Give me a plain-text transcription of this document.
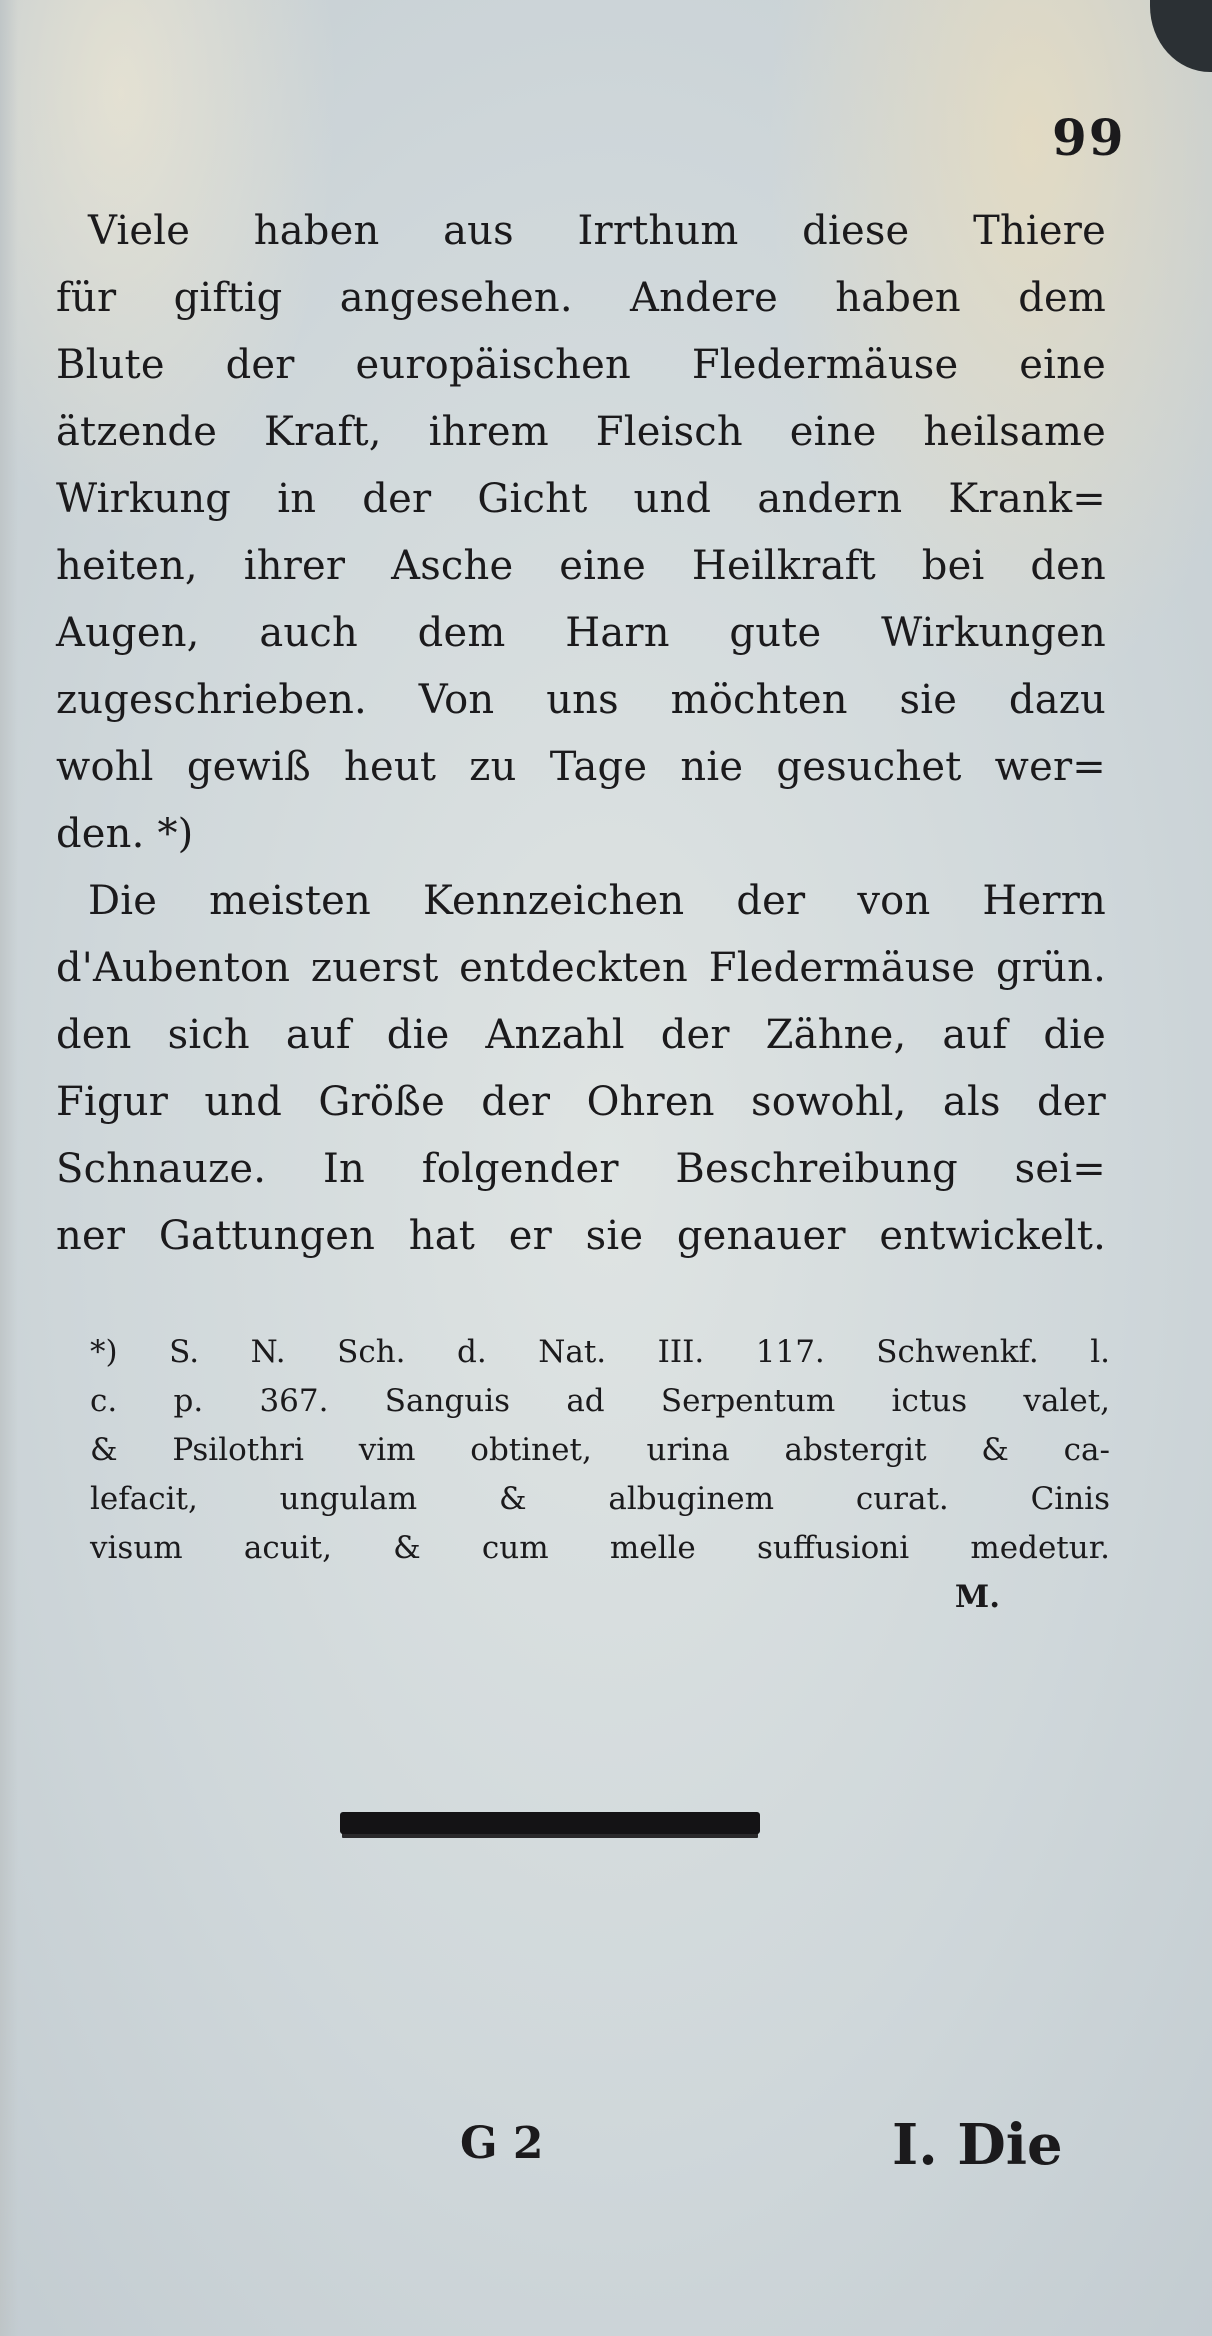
99
Viele haben aus Irrthum diese Thiere
für giftig angesehen. Andere haben dem
Blute der europäischen Fledermäuse eine
ätzende Kraft, ihrem Fleisch eine heilsame
Wirkung in der Gicht und andern Krank=
heiten, ihrer Asche eine Heilkraft bei den
Augen, auch dem Harn gute Wirkungen
zugeschrieben. Von uns möchten sie dazu
wohl gewiß heut zu Tage nie gesuchet wer=
den. *)
Die meisten Kennzeichen der von Herrn
d'Aubenton zuerst entdeckten Fledermäuse grün.
den sich auf die Anzahl der Zähne, auf die
Figur und Größe der Ohren sowohl, als der
Schnauze. In folgender Beschreibung sei=
ner Gattungen hat er sie genauer entwickelt.
*) S. N. Sch. d. Nat. III. 117. Schwenkf. l.
c. p. 367. Sanguis ad Serpentum ictus valet,
& Psilothri vim obtinet, urina abstergit & ca-
lefacit, ungulam & albuginem curat. Cinis
visum acuit, & cum melle suffusioni medetur.
M.
G 2	I. Die
